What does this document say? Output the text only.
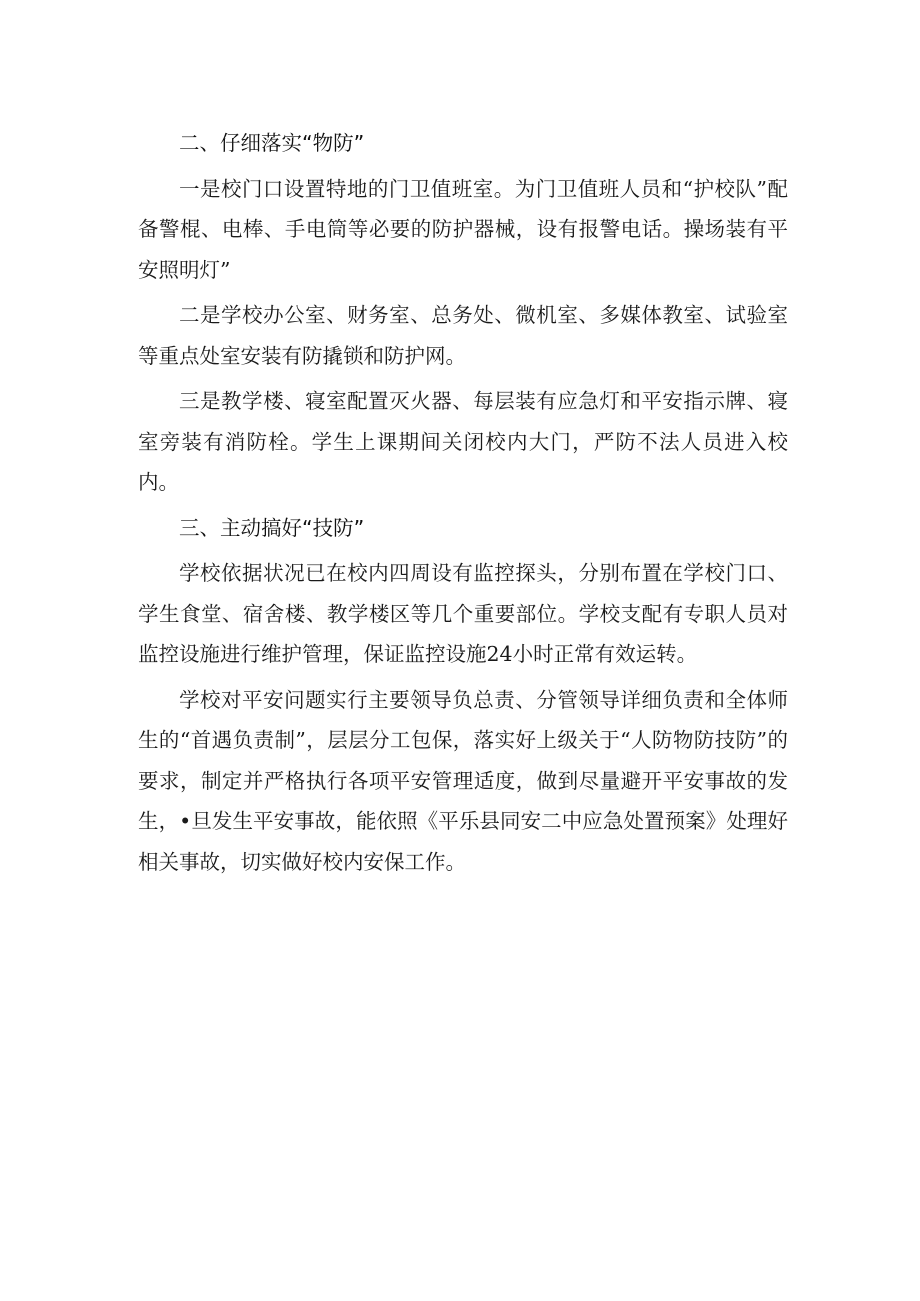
二、仔细落实“物防”

一是校门口设置特地的门卫值班室。为门卫值班人员和“护校队”配备警棍、电棒、手电筒等必要的防护器械，设有报警电话。操场装有平安照明灯”

二是学校办公室、财务室、总务处、微机室、多媒体教室、试验室等重点处室安装有防撬锁和防护网。

三是教学楼、寝室配置灭火器、每层装有应急灯和平安指示牌、寝室旁装有消防栓。学生上课期间关闭校内大门，严防不法人员进入校内。

三、主动搞好“技防”

学校依据状况已在校内四周设有监控探头，分别布置在学校门口、学生食堂、宿舍楼、教学楼区等几个重要部位。学校支配有专职人员对监控设施进行维护管理，保证监控设施24小时正常有效运转。

学校对平安问题实行主要领导负总责、分管领导详细负责和全体师生的“首遇负责制”，层层分工包保，落实好上级关于“人防物防技防”的要求，制定并严格执行各项平安管理适度，做到尽量避开平安事故的发生，•旦发生平安事故，能依照《平乐县同安二中应急处置预案》处理好相关事故，切实做好校内安保工作。
